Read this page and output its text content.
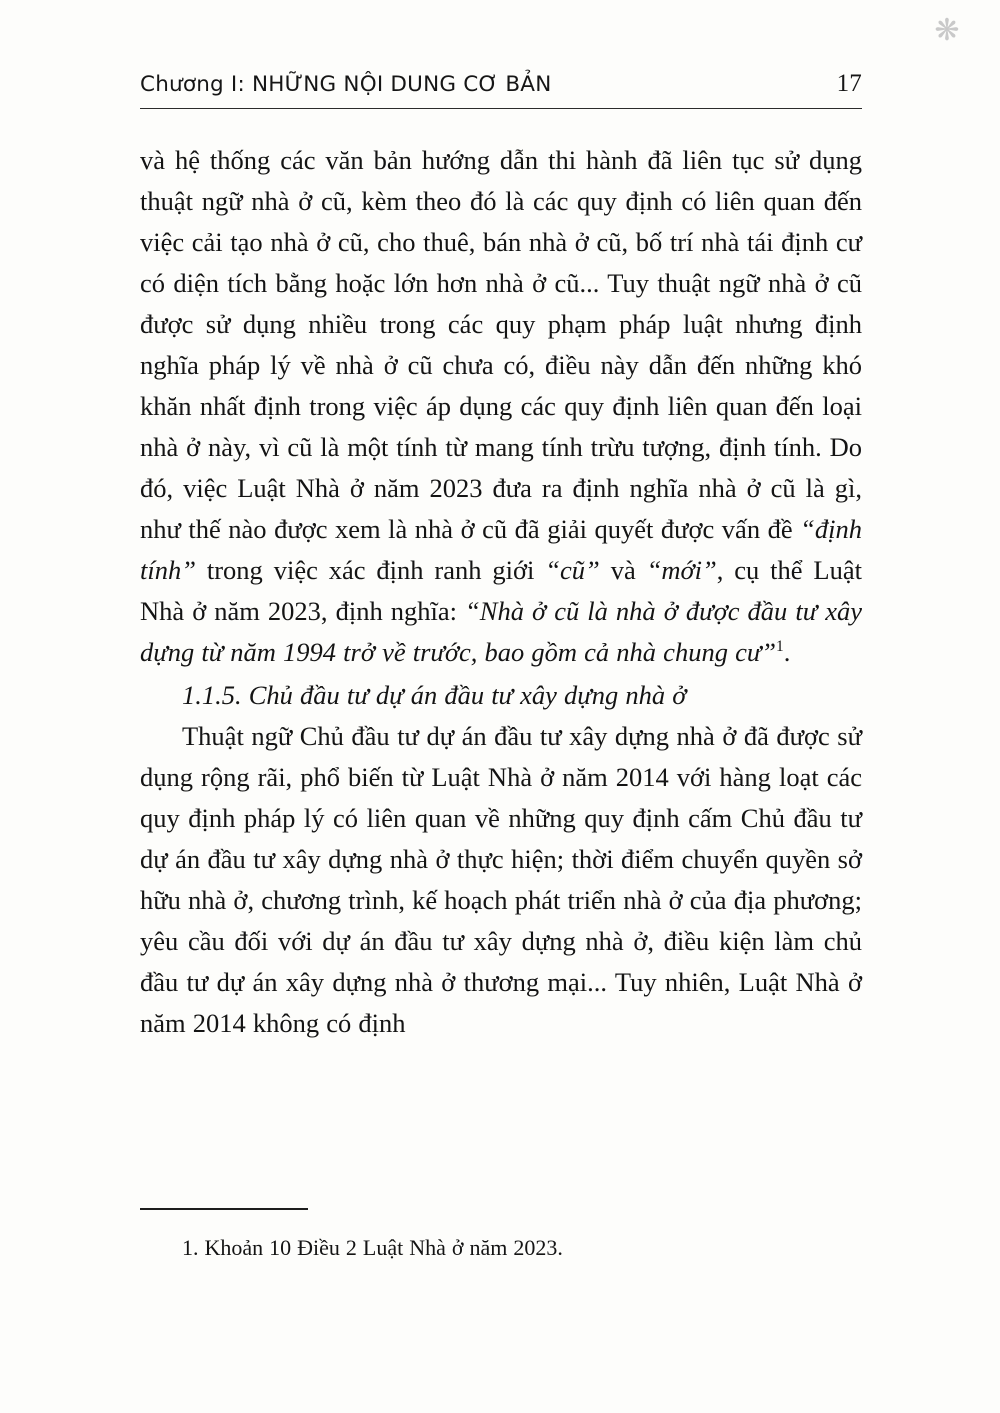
❋
Chương I: NHỮNG NỘI DUNG CƠ BẢN	17

và hệ thống các văn bản hướng dẫn thi hành đã liên tục sử dụng thuật ngữ nhà ở cũ, kèm theo đó là các quy định có liên quan đến việc cải tạo nhà ở cũ, cho thuê, bán nhà ở cũ, bố trí nhà tái định cư có diện tích bằng hoặc lớn hơn nhà ở cũ... Tuy thuật ngữ nhà ở cũ được sử dụng nhiều trong các quy phạm pháp luật nhưng định nghĩa pháp lý về nhà ở cũ chưa có, điều này dẫn đến những khó khăn nhất định trong việc áp dụng các quy định liên quan đến loại nhà ở này, vì cũ là một tính từ mang tính trừu tượng, định tính. Do đó, việc Luật Nhà ở năm 2023 đưa ra định nghĩa nhà ở cũ là gì, như thế nào được xem là nhà ở cũ đã giải quyết được vấn đề “định tính” trong việc xác định ranh giới “cũ” và “mới”, cụ thể Luật Nhà ở năm 2023, định nghĩa: “Nhà ở cũ là nhà ở được đầu tư xây dựng từ năm 1994 trở về trước, bao gồm cả nhà chung cư”$^1$.

1.1.5. Chủ đầu tư dự án đầu tư xây dựng nhà ở

Thuật ngữ Chủ đầu tư dự án đầu tư xây dựng nhà ở đã được sử dụng rộng rãi, phổ biến từ Luật Nhà ở năm 2014 với hàng loạt các quy định pháp lý có liên quan về những quy định cấm Chủ đầu tư dự án đầu tư xây dựng nhà ở thực hiện; thời điểm chuyển quyền sở hữu nhà ở, chương trình, kế hoạch phát triển nhà ở của địa phương; yêu cầu đối với dự án đầu tư xây dựng nhà ở, điều kiện làm chủ đầu tư dự án xây dựng nhà ở thương mại... Tuy nhiên, Luật Nhà ở năm 2014 không có định

1. Khoản 10 Điều 2 Luật Nhà ở năm 2023.
